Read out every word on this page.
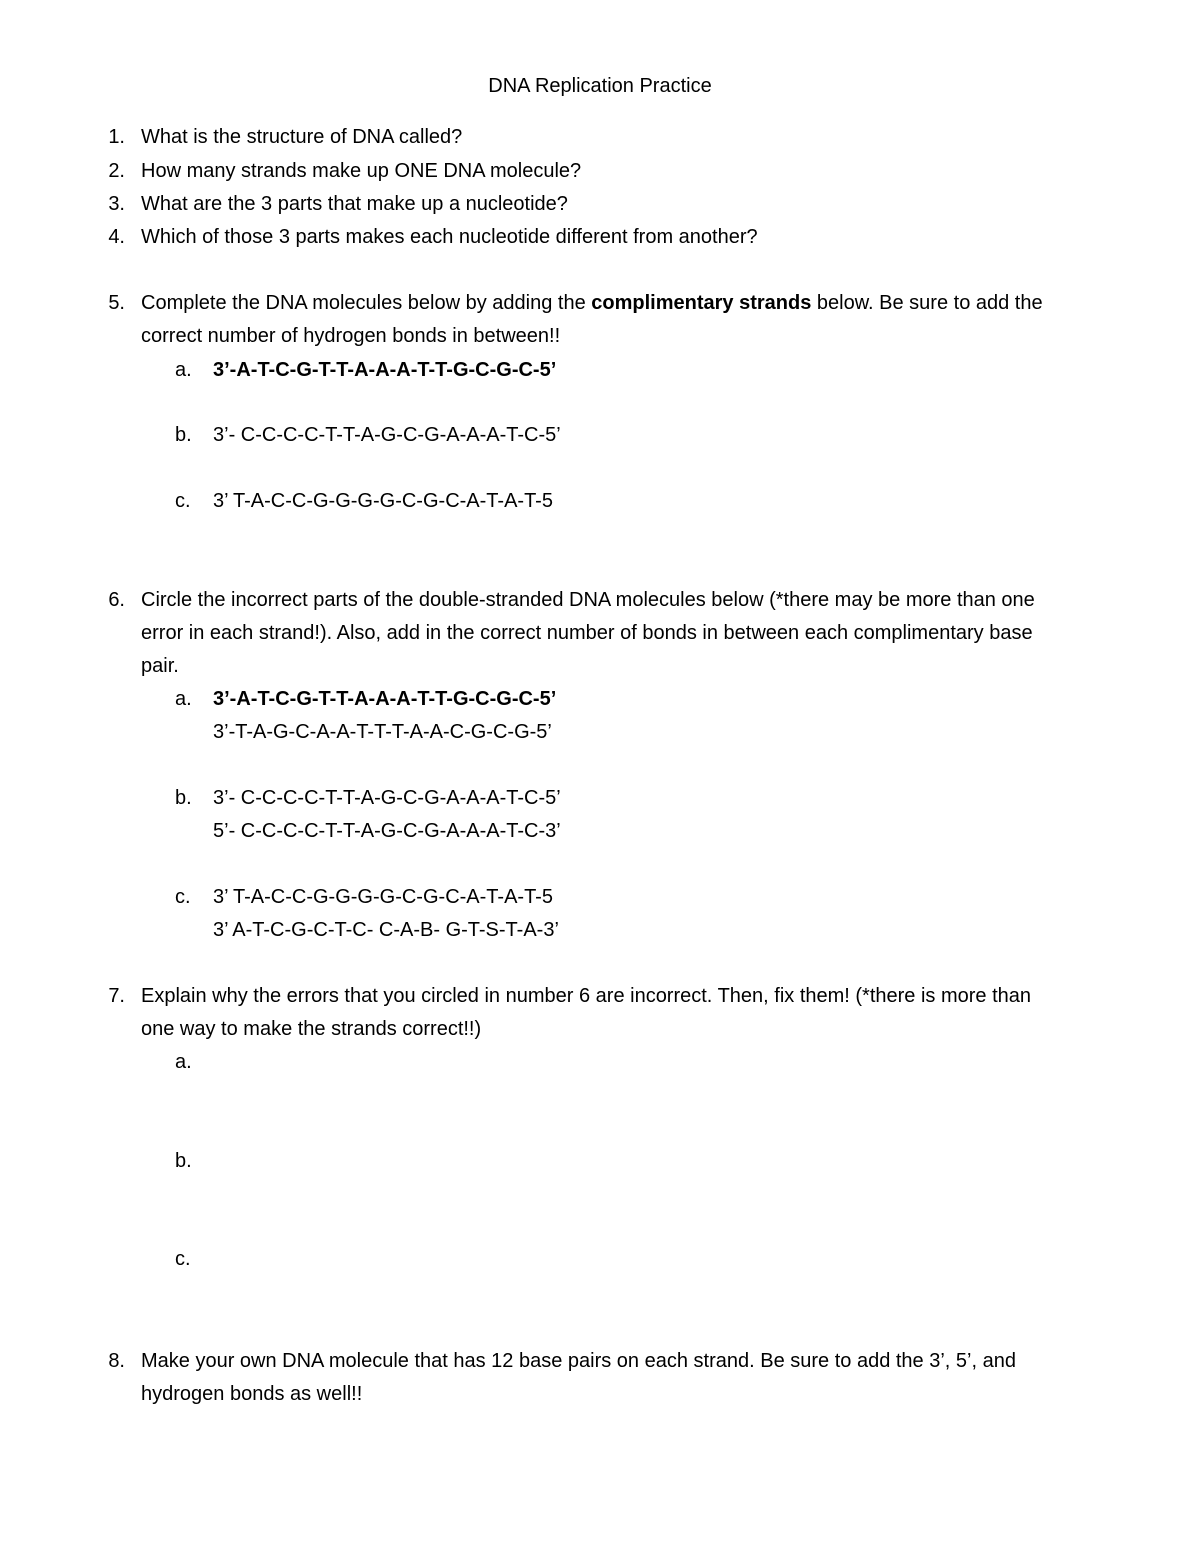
DNA Replication Practice
1. What is the structure of DNA called?
2. How many strands make up ONE DNA molecule?
3. What are the 3 parts that make up a nucleotide?
4. Which of those 3 parts makes each nucleotide different from another?
5. Complete the DNA molecules below by adding the complimentary strands below. Be sure to add the
correct number of hydrogen bonds in between!!
a. 3’-A-T-C-G-T-T-A-A-A-T-T-G-C-G-C-5’
b. 3’- C-C-C-C-T-T-A-G-C-G-A-A-A-T-C-5’
c. 3’ T-A-C-C-G-G-G-G-C-G-C-A-T-A-T-5
6. Circle the incorrect parts of the double-stranded DNA molecules below (*there may be more than one
error in each strand!). Also, add in the correct number of bonds in between each complimentary base
pair.
a. 3’-A-T-C-G-T-T-A-A-A-T-T-G-C-G-C-5’
3’-T-A-G-C-A-A-T-T-T-A-A-C-G-C-G-5’
b. 3’- C-C-C-C-T-T-A-G-C-G-A-A-A-T-C-5’
5’- C-C-C-C-T-T-A-G-C-G-A-A-A-T-C-3’
c. 3’ T-A-C-C-G-G-G-G-C-G-C-A-T-A-T-5
3’ A-T-C-G-C-T-C- C-A-B- G-T-S-T-A-3’
7. Explain why the errors that you circled in number 6 are incorrect. Then, fix them! (*there is more than
one way to make the strands correct!!)
a.
b.
c.
8. Make your own DNA molecule that has 12 base pairs on each strand. Be sure to add the 3’, 5’, and
hydrogen bonds as well!!
